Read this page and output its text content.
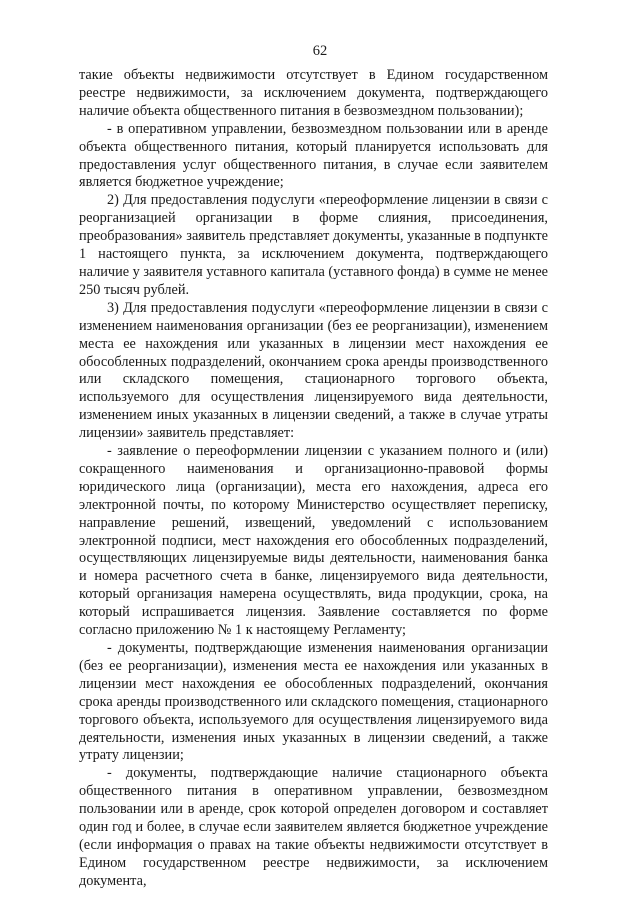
62

такие объекты недвижимости отсутствует в Едином государственном реестре недвижимости, за исключением документа, подтверждающего наличие объекта общественного питания в безвозмездном пользовании);

- в оперативном управлении, безвозмездном пользовании или в аренде объекта общественного питания, который планируется использовать для предоставления услуг общественного питания, в случае если заявителем является бюджетное учреждение;

2) Для предоставления подуслуги «переоформление лицензии в связи с реорганизацией организации в форме слияния, присоединения, преобразования» заявитель представляет документы, указанные в подпункте 1 настоящего пункта, за исключением документа, подтверждающего наличие у заявителя уставного капитала (уставного фонда) в сумме не менее 250 тысяч рублей.

3) Для предоставления подуслуги «переоформление лицензии в связи с изменением наименования организации (без ее реорганизации), изменением места ее нахождения или указанных в лицензии мест нахождения ее обособленных подразделений, окончанием срока аренды производственного или складского помещения, стационарного торгового объекта, используемого для осуществления лицензируемого вида деятельности, изменением иных указанных в лицензии сведений, а также в случае утраты лицензии» заявитель представляет:

- заявление о переоформлении лицензии с указанием полного и (или) сокращенного наименования и организационно-правовой формы юридического лица (организации), места его нахождения, адреса его электронной почты, по которому Министерство осуществляет переписку, направление решений, извещений, уведомлений с использованием электронной подписи, мест нахождения его обособленных подразделений, осуществляющих лицензируемые виды деятельности, наименования банка и номера расчетного счета в банке, лицензируемого вида деятельности, который организация намерена осуществлять, вида продукции, срока, на который испрашивается лицензия. Заявление составляется по форме согласно приложению № 1 к настоящему Регламенту;

- документы, подтверждающие изменения наименования организации (без ее реорганизации), изменения места ее нахождения или указанных в лицензии мест нахождения ее обособленных подразделений, окончания срока аренды производственного или складского помещения, стационарного торгового объекта, используемого для осуществления лицензируемого вида деятельности, изменения иных указанных в лицензии сведений, а также утрату лицензии;

- документы, подтверждающие наличие стационарного объекта общественного питания в оперативном управлении, безвозмездном пользовании или в аренде, срок которой определен договором и составляет один год и более, в случае если заявителем является бюджетное учреждение (если информация о правах на такие объекты недвижимости отсутствует в Едином государственном реестре недвижимости, за исключением документа,
